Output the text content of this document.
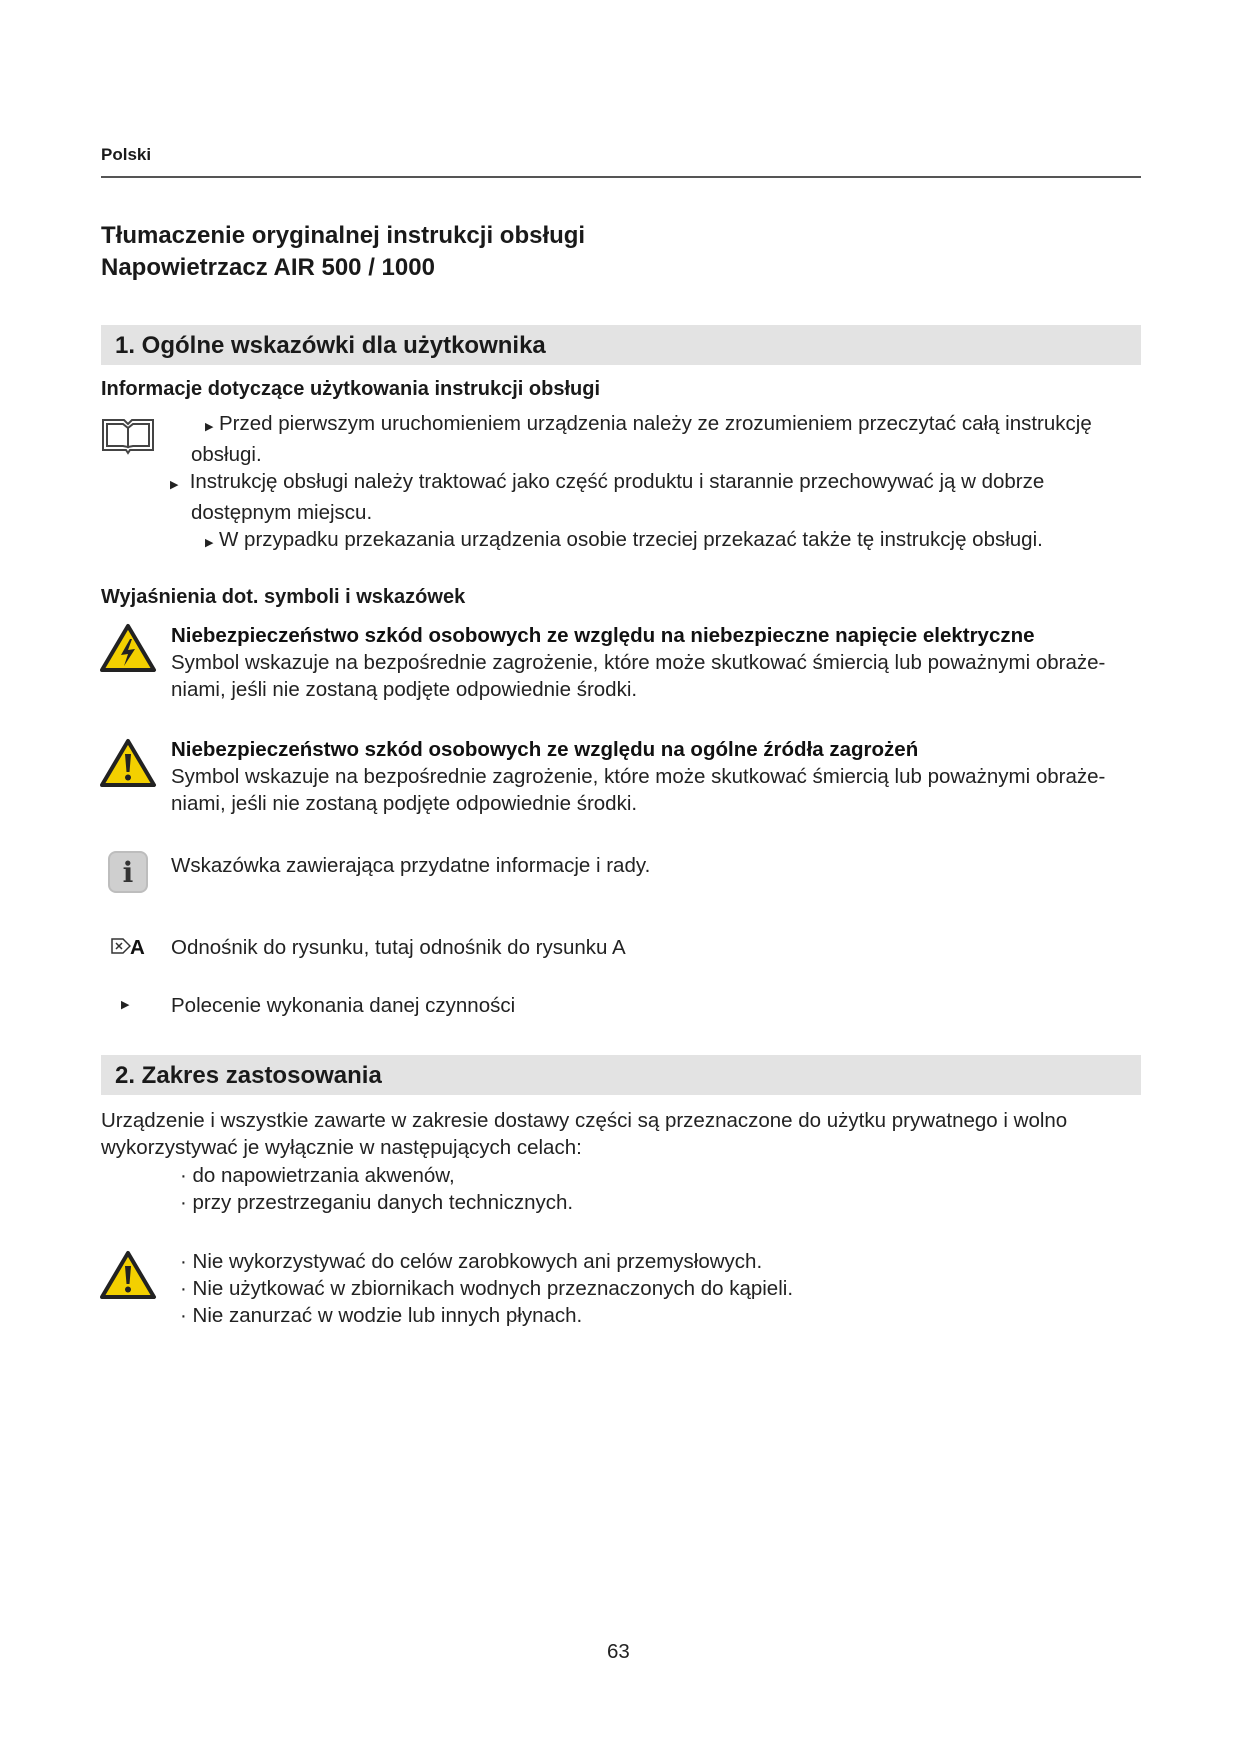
Polski
Tłumaczenie oryginalnej instrukcji obsługi
Napowietrzacz AIR 500 / 1000
1. Ogólne wskazówki dla użytkownika
Informacje dotyczące użytkowania instrukcji obsługi
▶ Przed pierwszym uruchomieniem urządzenia należy ze zrozumieniem przeczytać całą instrukcję
obsługi.
▶ Instrukcję obsługi należy traktować jako część produktu i starannie przechowywać ją w dobrze
dostępnym miejscu.
▶ W przypadku przekazania urządzenia osobie trzeciej przekazać także tę instrukcję obsługi.
Wyjaśnienia dot. symboli i wskazówek
Niebezpieczeństwo szkód osobowych ze względu na niebezpieczne napięcie elektryczne
Symbol wskazuje na bezpośrednie zagrożenie, które może skutkować śmiercią lub poważnymi obraże-
niami, jeśli nie zostaną podjęte odpowiednie środki.
Niebezpieczeństwo szkód osobowych ze względu na ogólne źródła zagrożeń
Symbol wskazuje na bezpośrednie zagrożenie, które może skutkować śmiercią lub poważnymi obraże-
niami, jeśli nie zostaną podjęte odpowiednie środki.
i Wskazówka zawierająca przydatne informacje i rady.
A Odnośnik do rysunku, tutaj odnośnik do rysunku A
▶ Polecenie wykonania danej czynności
2. Zakres zastosowania
Urządzenie i wszystkie zawarte w zakresie dostawy części są przeznaczone do użytku prywatnego i wolno
wykorzystywać je wyłącznie w następujących celach:
· do napowietrzania akwenów,
· przy przestrzeganiu danych technicznych.
· Nie wykorzystywać do celów zarobkowych ani przemysłowych.
· Nie użytkować w zbiornikach wodnych przeznaczonych do kąpieli.
· Nie zanurzać w wodzie lub innych płynach.
63
